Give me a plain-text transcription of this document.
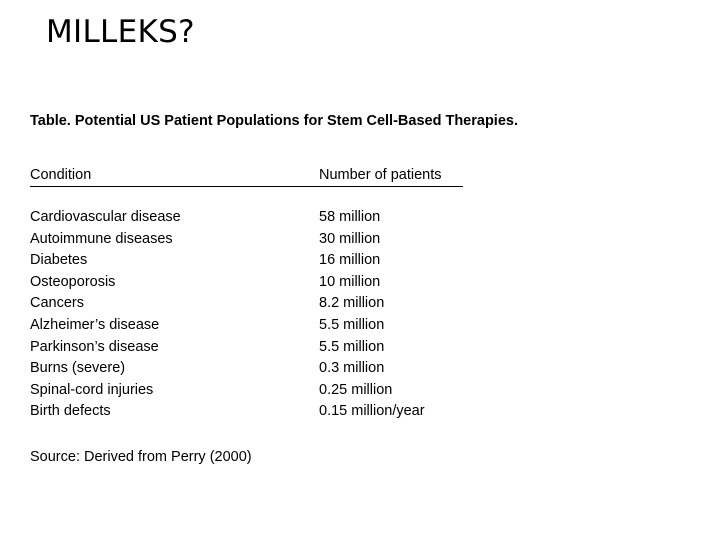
MILLEKS?
Table. Potential US Patient Populations for Stem Cell-Based Therapies.
Condition	Number of patients
Cardiovascular disease	58 million
Autoimmune diseases	30 million
Diabetes	16 million
Osteoporosis	10 million
Cancers	8.2 million
Alzheimer’s disease	5.5 million
Parkinson’s disease	5.5 million
Burns (severe)	0.3 million
Spinal-cord injuries	0.25 million
Birth defects	0.15 million/year
Source: Derived from Perry (2000)
